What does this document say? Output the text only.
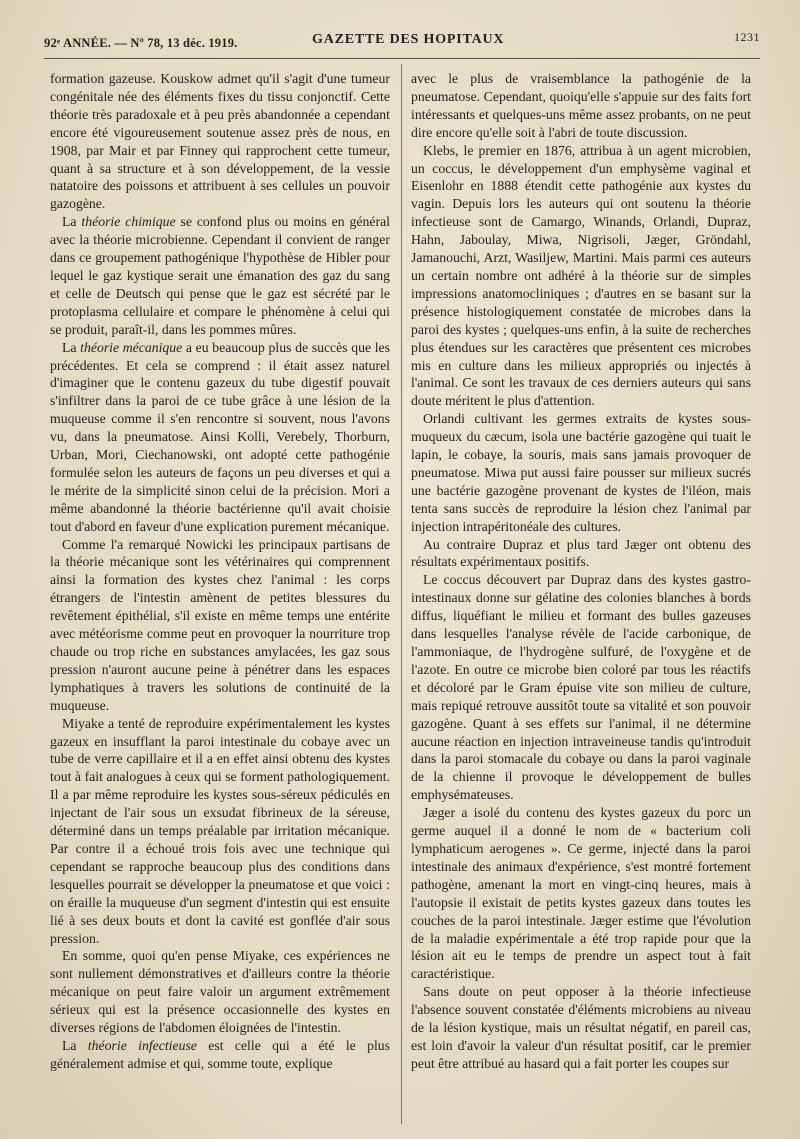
92ᵉ ANNÉE. — Nº 78, 13 déc. 1919.	GAZETTE DES HOPITAUX	1231

formation gazeuse. Kouskow admet qu'il s'agit d'une tumeur congénitale née des éléments fixes du tissu conjonctif. Cette théorie très paradoxale et à peu près abandonnée a cependant encore été vigoureusement soutenue assez près de nous, en 1908, par Mair et par Finney qui rapprochent cette tumeur, quant à sa structure et à son développement, de la vessie natatoire des poissons et attribuent à ses cellules un pouvoir gazogène.

La théorie chimique se confond plus ou moins en général avec la théorie microbienne. Cependant il convient de ranger dans ce groupement pathogénique l'hypothèse de Hibler pour lequel le gaz kystique serait une émanation des gaz du sang et celle de Deutsch qui pense que le gaz est sécrété par le protoplasma cellulaire et compare le phénomène à celui qui se produit, paraît-il, dans les pommes mûres.

La théorie mécanique a eu beaucoup plus de succès que les précédentes. Et cela se comprend : il était assez naturel d'imaginer que le contenu gazeux du tube digestif pouvait s'infiltrer dans la paroi de ce tube grâce à une lésion de la muqueuse comme il s'en rencontre si souvent, nous l'avons vu, dans la pneumatose. Ainsi Kolli, Verebely, Thorburn, Urban, Mori, Ciechanowski, ont adopté cette pathogénie formulée selon les auteurs de façons un peu diverses et qui a le mérite de la simplicité sinon celui de la précision. Mori a même abandonné la théorie bactérienne qu'il avait choisie tout d'abord en faveur d'une explication purement mécanique.

Comme l'a remarqué Nowicki les principaux partisans de la théorie mécanique sont les vétérinaires qui comprennent ainsi la formation des kystes chez l'animal : les corps étrangers de l'intestin amènent de petites blessures du revêtement épithélial, s'il existe en même temps une entérite avec météorisme comme peut en provoquer la nourriture trop chaude ou trop riche en substances amylacées, les gaz sous pression n'auront aucune peine à pénétrer dans les espaces lymphatiques à travers les solutions de continuité de la muqueuse.

Miyake a tenté de reproduire expérimentalement les kystes gazeux en insufflant la paroi intestinale du cobaye avec un tube de verre capillaire et il a en effet ainsi obtenu des kystes tout à fait analogues à ceux qui se forment pathologiquement. Il a par même reproduire les kystes sous-séreux pédiculés en injectant de l'air sous un exsudat fibrineux de la séreuse, déterminé dans un temps préalable par irritation mécanique. Par contre il a échoué trois fois avec une technique qui cependant se rapproche beaucoup plus des conditions dans lesquelles pourrait se développer la pneumatose et que voici : on éraille la muqueuse d'un segment d'intestin qui est ensuite lié à ses deux bouts et dont la cavité est gonflée d'air sous pression.

En somme, quoi qu'en pense Miyake, ces expériences ne sont nullement démonstratives et d'ailleurs contre la théorie mécanique on peut faire valoir un argument extrêmement sérieux qui est la présence occasionnelle des kystes en diverses régions de l'abdomen éloignées de l'intestin.

La théorie infectieuse est celle qui a été le plus généralement admise et qui, somme toute, explique

avec le plus de vraisemblance la pathogénie de la pneumatose. Cependant, quoiqu'elle s'appuie sur des faits fort intéressants et quelques-uns même assez probants, on ne peut dire encore qu'elle soit à l'abri de toute discussion.

Klebs, le premier en 1876, attribua à un agent microbien, un coccus, le développement d'un emphysème vaginal et Eisenlohr en 1888 étendit cette pathogénie aux kystes du vagin. Depuis lors les auteurs qui ont soutenu la théorie infectieuse sont de Camargo, Winands, Orlandi, Dupraz, Hahn, Jaboulay, Miwa, Nigrisoli, Jæger, Gröndahl, Jamanouchi, Arzt, Wasiljew, Martini. Mais parmi ces auteurs un certain nombre ont adhéré à la théorie sur de simples impressions anatomocliniques ; d'autres en se basant sur la présence histologiquement constatée de microbes dans la paroi des kystes ; quelques-uns enfin, à la suite de recherches plus étendues sur les caractères que présentent ces microbes mis en culture dans les milieux appropriés ou injectés à l'animal. Ce sont les travaux de ces derniers auteurs qui sans doute méritent le plus d'attention.

Orlandi cultivant les germes extraits de kystes sous-muqueux du cæcum, isola une bactérie gazogène qui tuait le lapin, le cobaye, la souris, mais sans jamais provoquer de pneumatose. Miwa put aussi faire pousser sur milieux sucrés une bactérie gazogène provenant de kystes de l'iléon, mais tenta sans succès de reproduire la lésion chez l'animal par injection intrapéritonéale des cultures.

Au contraire Dupraz et plus tard Jæger ont obtenu des résultats expérimentaux positifs.

Le coccus découvert par Dupraz dans des kystes gastro-intestinaux donne sur gélatine des colonies blanches à bords diffus, liquéfiant le milieu et formant des bulles gazeuses dans lesquelles l'analyse révèle de l'acide carbonique, de l'ammoniaque, de l'hydrogène sulfuré, de l'oxygène et de l'azote. En outre ce microbe bien coloré par tous les réactifs et décoloré par le Gram épuise vite son milieu de culture, mais repiqué retrouve aussitôt toute sa vitalité et son pouvoir gazogène. Quant à ses effets sur l'animal, il ne détermine aucune réaction en injection intraveineuse tandis qu'introduit dans la paroi stomacale du cobaye ou dans la paroi vaginale de la chienne il provoque le développement de bulles emphysémateuses.

Jæger a isolé du contenu des kystes gazeux du porc un germe auquel il a donné le nom de « bacterium coli lymphaticum aerogenes ». Ce germe, injecté dans la paroi intestinale des animaux d'expérience, s'est montré fortement pathogène, amenant la mort en vingt-cinq heures, mais à l'autopsie il existait de petits kystes gazeux dans toutes les couches de la paroi intestinale. Jæger estime que l'évolution de la maladie expérimentale a été trop rapide pour que la lésion ait eu le temps de prendre un aspect tout à fait caractéristique.

Sans doute on peut opposer à la théorie infectieuse l'absence souvent constatée d'éléments microbiens au niveau de la lésion kystique, mais un résultat négatif, en pareil cas, est loin d'avoir la valeur d'un résultat positif, car le premier peut être attribué au hasard qui a fait porter les coupes sur
